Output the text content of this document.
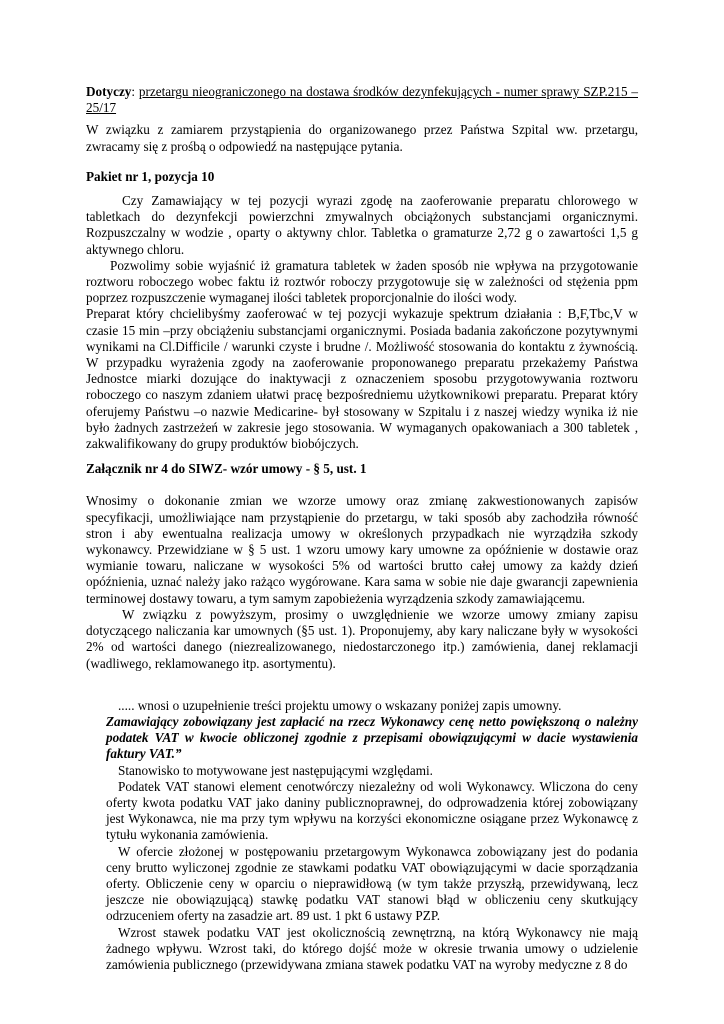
Dotyczy: przetargu nieograniczonego na dostawa środków dezynfekujących - numer sprawy SZP.215 – 25/17

W związku z zamiarem przystąpienia do organizowanego przez Państwa Szpital ww. przetargu, zwracamy się z prośbą o odpowiedź na następujące pytania.

Pakiet nr 1, pozycja 10

Czy Zamawiający w tej pozycji wyrazi zgodę na zaoferowanie preparatu chlorowego w tabletkach do dezynfekcji powierzchni zmywalnych obciążonych substancjami organicznymi. Rozpuszczalny w wodzie , oparty o aktywny chlor. Tabletka o gramaturze 2,72 g o zawartości 1,5 g aktywnego chloru.

Pozwolimy sobie wyjaśnić iż gramatura tabletek w żaden sposób nie wpływa na przygotowanie roztworu roboczego wobec faktu iż roztwór roboczy przygotowuje się w zależności od stężenia ppm poprzez rozpuszczenie wymaganej ilości tabletek proporcjonalnie do ilości wody.

Preparat który chcielibyśmy zaoferować w tej pozycji wykazuje spektrum działania : B,F,Tbc,V w czasie 15 min –przy obciążeniu substancjami organicznymi. Posiada badania zakończone pozytywnymi wynikami na Cl.Difficile / warunki czyste i brudne /. Możliwość stosowania do kontaktu z żywnością. W przypadku wyrażenia zgody na zaoferowanie proponowanego preparatu przekażemy Państwa Jednostce miarki dozujące do inaktywacji z oznaczeniem sposobu przygotowywania roztworu roboczego co naszym zdaniem ułatwi pracę bezpośredniemu użytkownikowi preparatu. Preparat który oferujemy Państwu –o nazwie Medicarine- był stosowany w Szpitalu i z naszej wiedzy wynika iż nie było żadnych zastrzeżeń w zakresie jego stosowania. W wymaganych opakowaniach a 300 tabletek , zakwalifikowany do grupy produktów biobójczych.

Załącznik nr 4 do SIWZ- wzór umowy - § 5, ust. 1

Wnosimy o dokonanie zmian we wzorze umowy oraz zmianę zakwestionowanych zapisów specyfikacji, umożliwiające nam przystąpienie do przetargu, w taki sposób aby zachodziła równość stron i aby ewentualna realizacja umowy w określonych przypadkach nie wyrządziła szkody wykonawcy. Przewidziane w § 5 ust. 1 wzoru umowy kary umowne za opóźnienie w dostawie oraz wymianie towaru, naliczane w wysokości 5% od wartości brutto całej umowy za każdy dzień opóźnienia, uznać należy jako rażąco wygórowane. Kara sama w sobie nie daje gwarancji zapewnienia terminowej dostawy towaru, a tym samym zapobieżenia wyrządzenia szkody zamawiającemu.

W związku z powyższym, prosimy o uwzględnienie we wzorze umowy zmiany zapisu dotyczącego naliczania kar umownych (§5 ust. 1). Proponujemy, aby kary naliczane były w wysokości 2% od wartości danego (niezrealizowanego, niedostarczonego itp.) zamówienia, danej reklamacji (wadliwego, reklamowanego itp. asortymentu).

..... wnosi o uzupełnienie treści projektu umowy o wskazany poniżej zapis umowny.

Zamawiający zobowiązany jest zapłacić na rzecz Wykonawcy cenę netto powiększoną o należny podatek VAT w kwocie obliczonej zgodnie z przepisami obowiązującymi w dacie wystawienia faktury VAT.”

Stanowisko to motywowane jest następującymi względami.

Podatek VAT stanowi element cenotwórczy niezależny od woli Wykonawcy. Wliczona do ceny oferty kwota podatku VAT jako daniny publicznoprawnej, do odprowadzenia której zobowiązany jest Wykonawca, nie ma przy tym wpływu na korzyści ekonomiczne osiągane przez Wykonawcę z tytułu wykonania zamówienia.

W ofercie złożonej w postępowaniu przetargowym Wykonawca zobowiązany jest do podania ceny brutto wyliczonej zgodnie ze stawkami podatku VAT obowiązującymi w dacie sporządzania oferty. Obliczenie ceny w oparciu o nieprawidłową (w tym także przyszłą, przewidywaną, lecz jeszcze nie obowiązującą) stawkę podatku VAT stanowi błąd w obliczeniu ceny skutkujący odrzuceniem oferty na zasadzie art. 89 ust. 1 pkt 6 ustawy PZP.

Wzrost stawek podatku VAT jest okolicznością zewnętrzną, na którą Wykonawcy nie mają żadnego wpływu. Wzrost taki, do którego dojść może w okresie trwania umowy o udzielenie zamówienia publicznego (przewidywana zmiana stawek podatku VAT na wyroby medyczne z 8 do
